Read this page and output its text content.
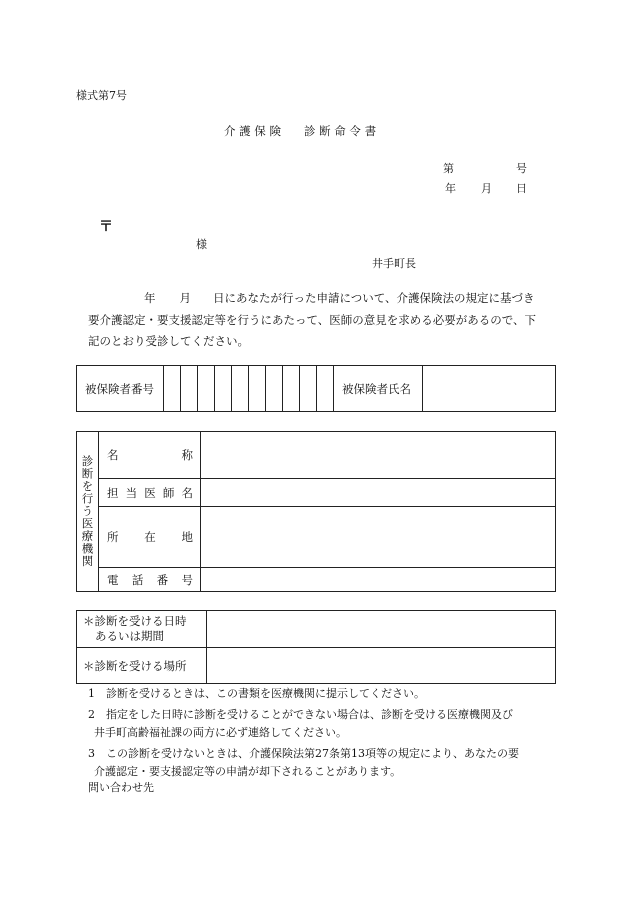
様式第7号
介 護 保 険　　診 断 命 令 書
第	号
年 月 日
〒
様
井手町長
年 月 日にあなたが行った申請について、介護保険法の規定に基づき
要介護認定・要支援認定等を行うにあたって、医師の意見を求める必要があるので、下
記のとおり受診してください。
被保険者番号											被保険者氏名	
診断を行う医療機関	名 称	

	担 当 医 師 名	

	所 在 地	

	電 話 番 号	

＊診断を受ける日時
あるいは期間	

＊診断を受ける場所	
1 診断を受けるときは、この書類を医療機関に提示してください。
2 指定をした日時に診断を受けることができない場合は、診断を受ける医療機関及び
井手町高齢福祉課の両方に必ず連絡してください。
3 この診断を受けないときは、介護保険法第27条第13項等の規定により、あなたの要
介護認定・要支援認定等の申請が却下されることがあります。
問い合わせ先
